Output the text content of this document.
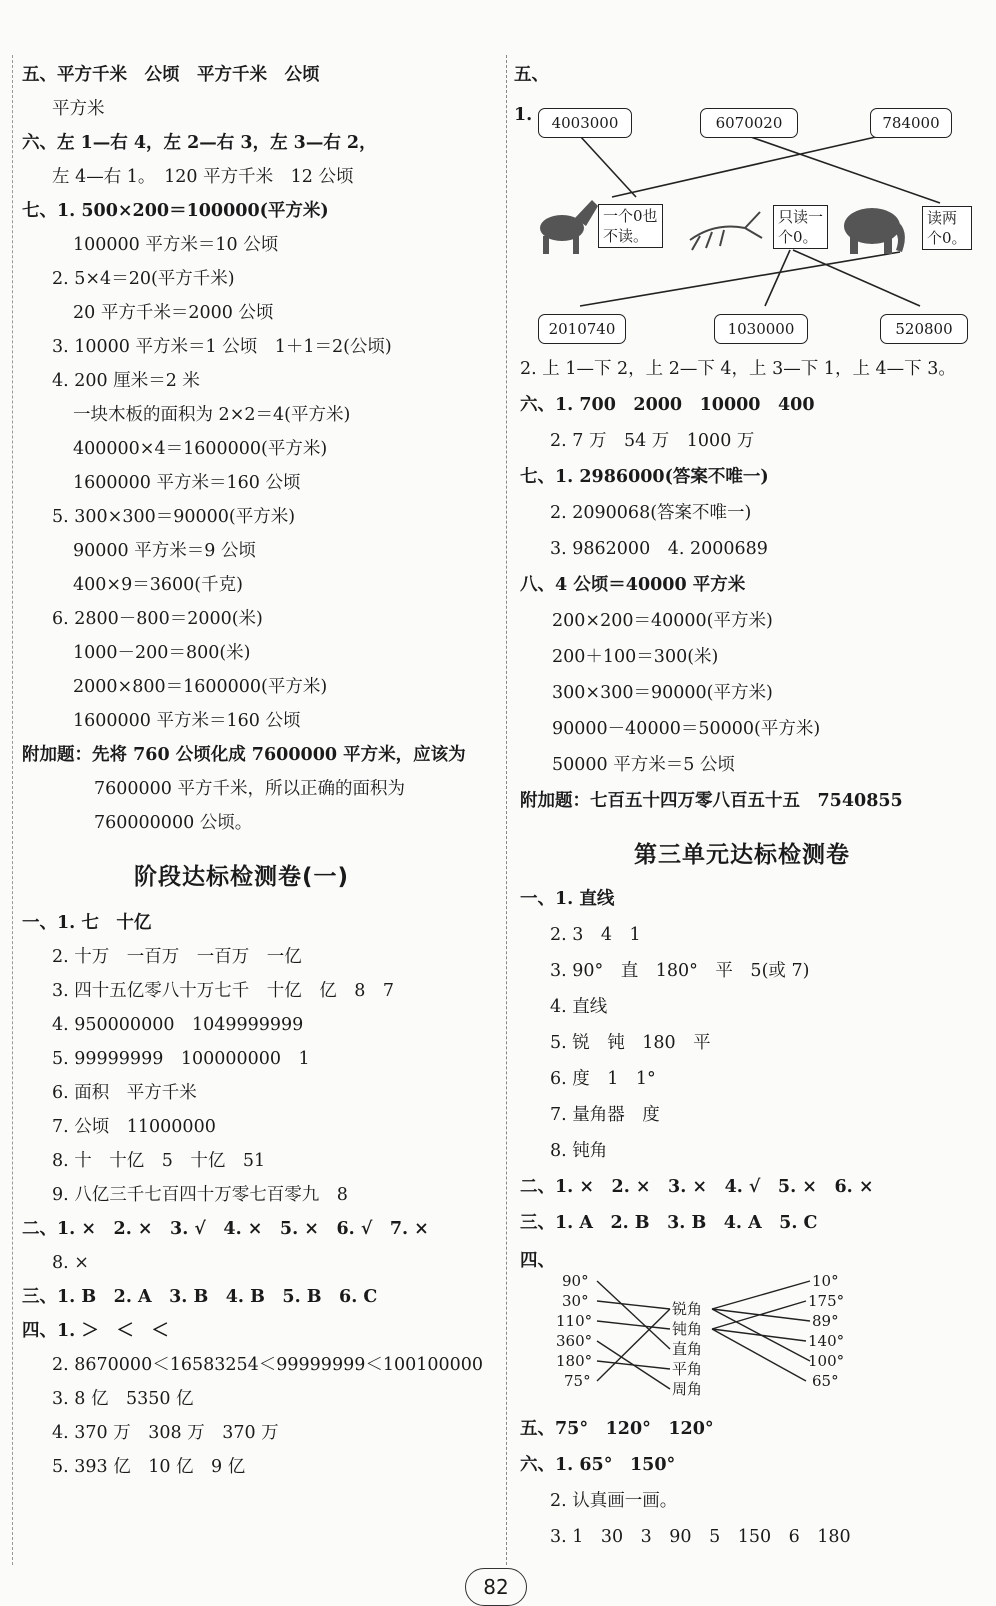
五、平方千米　公顷　平方千米　公顷
平方米
六、左 1—右 4，左 2—右 3，左 3—右 2，
左 4—右 1。　120 平方千米　12 公顷
七、1. 500×200＝100000(平方米)
100000 平方米＝10 公顷
2. 5×4＝20(平方千米)
20 平方千米＝2000 公顷
3. 10000 平方米＝1 公顷　1＋1＝2(公顷)
4. 200 厘米＝2 米
一块木板的面积为 2×2＝4(平方米)
400000×4＝1600000(平方米)
1600000 平方米＝160 公顷
5. 300×300＝90000(平方米)
90000 平方米＝9 公顷
400×9＝3600(千克)
6. 2800－800＝2000(米)
1000－200＝800(米)
2000×800＝1600000(平方米)
1600000 平方米＝160 公顷
附加题：先将 760 公顷化成 7600000 平方米，应该为
7600000 平方千米，所以正确的面积为
760000000 公顷。
阶段达标检测卷(一)
一、1. 七　十亿
2. 十万　一百万　一百万　一亿
3. 四十五亿零八十万七千　十亿　亿　8　7
4. 950000000　1049999999
5. 99999999　100000000　1
6. 面积　平方千米
7. 公顷　11000000
8. 十　十亿　5　十亿　51
9. 八亿三千七百四十万零七百零九　8
二、1. ×　2. ×　3. √　4. ×　5. ×　6. √　7. ×
8. ×
三、1. B　2. A　3. B　4. B　5. B　6. C
四、1. ＞　＜　＜
2. 8670000＜16583254＜99999999＜100100000
3. 8 亿　5350 亿
4. 370 万　308 万　370 万
5. 393 亿　10 亿　9 亿
五、
1.	4003000	6070020	784000
一个0也
不读。
只读一
个0。
读两
个0。
2010740	1030000	520800
2. 上 1—下 2，上 2—下 4，上 3—下 1，上 4—下 3。
六、1. 700　2000　10000　400
2. 7 万　54 万　1000 万
七、1. 2986000(答案不唯一)
2. 2090068(答案不唯一)
3. 9862000　4. 2000689
八、4 公顷＝40000 平方米
200×200＝40000(平方米)
200＋100＝300(米)
300×300＝90000(平方米)
90000－40000＝50000(平方米)
50000 平方米＝5 公顷
附加题：七百五十四万零八百五十五　7540855
第三单元达标检测卷
一、1. 直线
2. 3　4　1
3. 90°　直　180°　平　5(或 7)
4. 直线
5. 锐　钝　180　平
6. 度　1　1°
7. 量角器　度
8. 钝角
二、1. ×　2. ×　3. ×　4. √　5. ×　6. ×
三、1. A　2. B　3. B　4. A　5. C
四、
90°
30°
110°
360°
180°
75°
锐角
钝角
直角
平角
周角
10°
175°
89°
140°
100°
65°
五、75°　120°　120°
六、1. 65°　150°
2. 认真画一画。
3. 1　30　3　90　5　150　6　180
82
